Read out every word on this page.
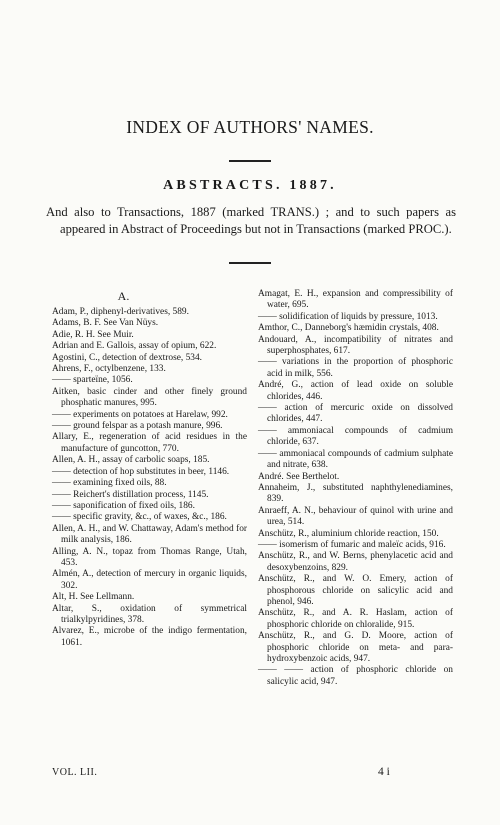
INDEX OF AUTHORS' NAMES.
ABSTRACTS. 1887.
And also to Transactions, 1887 (marked TRANS.) ; and to such papers as appeared in Abstract of Proceedings but not in Transactions (marked PROC.).
A.
Adam, P., diphenyl-derivatives, 589.
Adams, B. F. See Van Nüys.
Adie, R. H. See Muir.
Adrian and E. Gallois, assay of opium, 622.
Agostini, C., detection of dextrose, 534.
Ahrens, F., octylbenzene, 133.
—— sparteïne, 1056.
Aitken, basic cinder and other finely ground phosphatic manures, 995.
—— experiments on potatoes at Harelaw, 992.
—— ground felspar as a potash manure, 996.
Allary, E., regeneration of acid residues in the manufacture of guncotton, 770.
Allen, A. H., assay of carbolic soaps, 185.
—— detection of hop substitutes in beer, 1146.
—— examining fixed oils, 88.
—— Reichert's distillation process, 1145.
—— saponification of fixed oils, 186.
—— specific gravity, &c., of waxes, &c., 186.
Allen, A. H., and W. Chattaway, Adam's method for milk analysis, 186.
Alling, A. N., topaz from Thomas Range, Utah, 453.
Almén, A., detection of mercury in organic liquids, 302.
Alt, H. See Lellmann.
Altar, S., oxidation of symmetrical trialkylpyridines, 378.
Alvarez, E., microbe of the indigo fermentation, 1061.
Amagat, E. H., expansion and compressibility of water, 695.
—— solidification of liquids by pressure, 1013.
Amthor, C., Danneborg's hæmidin crystals, 408.
Andouard, A., incompatibility of nitrates and superphosphates, 617.
—— variations in the proportion of phosphoric acid in milk, 556.
André, G., action of lead oxide on soluble chlorides, 446.
—— action of mercuric oxide on dissolved chlorides, 447.
—— ammoniacal compounds of cadmium chloride, 637.
—— ammoniacal compounds of cadmium sulphate and nitrate, 638.
André. See Berthelot.
Annaheim, J., substituted naphthylenediamines, 839.
Anraeff, A. N., behaviour of quinol with urine and urea, 514.
Anschütz, R., aluminium chloride reaction, 150.
—— isomerism of fumaric and maleïc acids, 916.
Anschütz, R., and W. Berns, phenylacetic acid and desoxybenzoins, 829.
Anschütz, R., and W. O. Emery, action of phosphorous chloride on salicylic acid and phenol, 946.
Anschütz, R., and A. R. Haslam, action of phosphoric chloride on chloralide, 915.
Anschütz, R., and G. D. Moore, action of phosphoric chloride on meta- and para-hydroxybenzoic acids, 947.
—— —— action of phosphoric chloride on salicylic acid, 947.
VOL. LII.	4 i
